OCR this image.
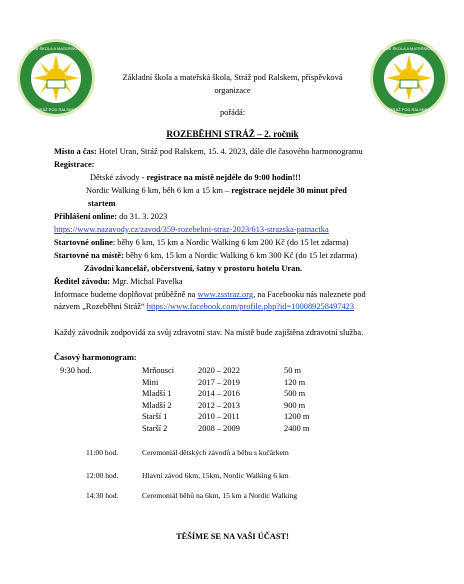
ZÁKLADNÍ ŠKOLA A MATEŘSKÁ ŠKOLA
STRÁŽ POD RALSKEM
ZÁKLADNÍ ŠKOLA A MATEŘSKÁ ŠKOLA
STRÁŽ POD RALSKEM
Základní škola a mateřská škola, Stráž pod Ralskem, příspěvková
organizace
pořádá:
ROZEBĚHNI STRÁŽ – 2. ročník
Místo a čas: Hotel Uran, Stráž pod Ralskem, 15. 4. 2023, dále dle časového harmonogramu
Registrace:
Dětské závody - registrace na místě nejdéle do 9:00 hodin!!!
Nordic Walking 6 km, běh 6 km a 15 km – registrace nejdéle 30 minut před
startem
Přihlášení online: do 31. 3. 2023
https://www.nazavody.cz/zavod/359-rozebehni-straz-2023/613-strazska-patnactka
Startovné online: běhy 6 km, 15 km a Nordic Walking 6 km 200 Kč (do 15 let zdarma)
Startovné na místě: běhy 6 km, 15 km a Nordic Walking 6 km 300 Kč (do 15 let zdarma)
Závodní kancelář, občerstvení, šatny v prostoru hotelu Uran.
Ředitel závodu: Mgr. Michal Pavelka
Informace budeme doplňovat průběžně na www.zsstraz.org, na Facebooku nás naleznete pod
názvem „Rozeběhni Stráž“ https://www.facebook.com/profile.php?id=100089258497423
Každý závodník zodpovídá za svůj zdravotní stav. Na místě bude zajištěna zdravotní služba.
Časový harmonogram:
9:30 hod.	Mrňousci	2020 – 2022	50 m
Mini	2017 – 2019	120 m
Mladší 1	2014 – 2016	500 m
Mladší 2	2012 – 2013	900 m
Starší 1	2010 – 2011	1200 m
Starší 2	2008 – 2009	2400 m
11:00 hod.	Ceremoniál dětských závodů a běhu s kočárkem
12:00 hod.	Hlavní závod 6km, 15km, Nordic Walking 6 km
14:30 hod.	Ceremoniál běhů na 6km, 15 km a Nordic Walking
TĚŠÍME SE NA VAŠI ÚČAST!
